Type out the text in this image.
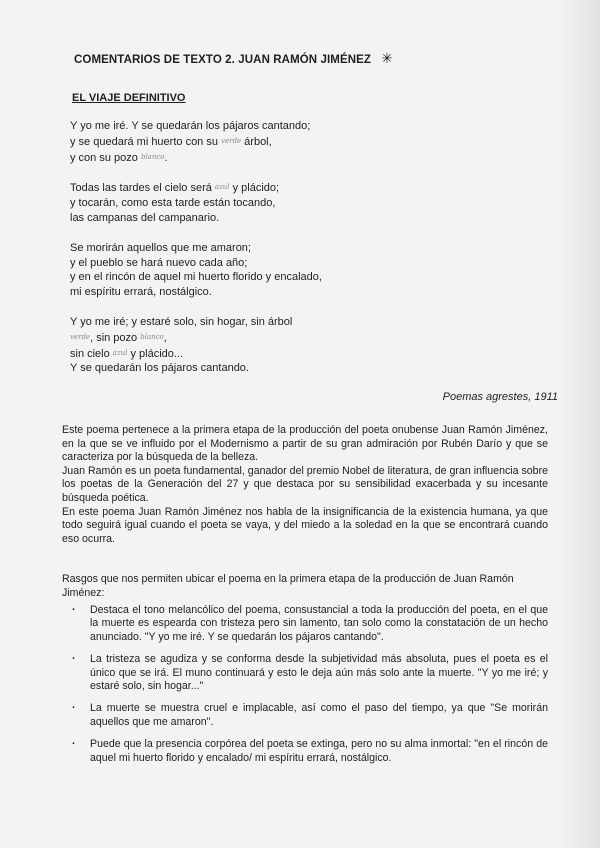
COMENTARIOS DE TEXTO 2. JUAN RAMÓN JIMÉNEZ ✳
EL VIAJE DEFINITIVO
Y yo me iré. Y se quedarán los pájaros cantando;
y se quedará mi huerto con su verde árbol,
y con su pozo blanco.
Todas las tardes el cielo será azul y plácido;
y tocarán, como esta tarde están tocando,
las campanas del campanario.
Se morirán aquellos que me amaron;
y el pueblo se hará nuevo cada año;
y en el rincón de aquel mi huerto florido y encalado,
mi espíritu errará, nostálgico.
Y yo me iré; y estaré solo, sin hogar, sin árbol
verde, sin pozo blanco,
sin cielo azul y plácido...
Y se quedarán los pájaros cantando.
Poemas agrestes, 1911

Este poema pertenece a la primera etapa de la producción del poeta onubense Juan Ramón Jiménez, en la que se ve influido por el Modernismo a partir de su gran admiración por Rubén Darío y que se caracteriza por la búsqueda de la belleza.

Juan Ramón es un poeta fundamental, ganador del premio Nobel de literatura, de gran influencia sobre los poetas de la Generación del 27 y que destaca por su sensibilidad exacerbada y su incesante búsqueda poética.

En este poema Juan Ramón Jiménez nos habla de la insignificancia de la existencia humana, ya que todo seguirá igual cuando el poeta se vaya, y del miedo a la soledad en la que se encontrará cuando eso ocurra.

Rasgos que nos permiten ubicar el poema en la primera etapa de la producción de Juan Ramón Jiménez:
· Destaca el tono melancólico del poema, consustancial a toda la producción del poeta, en el que la muerte es espearda con tristeza pero sin lamento, tan solo como la constatación de un hecho anunciado. "Y yo me iré. Y se quedarán los pájaros cantando".
· La tristeza se agudiza y se conforma desde la subjetividad más absoluta, pues el poeta es el único que se irá. El muno continuará y esto le deja aún más solo ante la muerte. "Y yo me iré; y estaré solo, sin hogar..."
· La muerte se muestra cruel e implacable, así como el paso del tiempo, ya que "Se morirán aquellos que me amaron".
· Puede que la presencia corpórea del poeta se extinga, pero no su alma inmortal: "en el rincón de aquel mi huerto florido y encalado/ mi espíritu errará, nostálgico.
